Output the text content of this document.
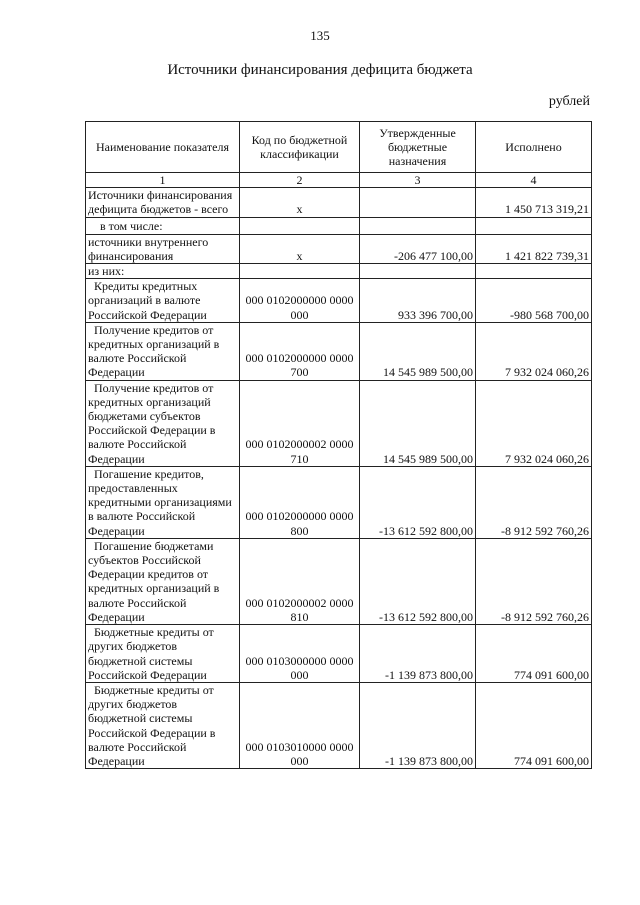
135
Источники финансирования дефицита бюджета
рублей
Наименование показателя	Код по бюджетной классификации	Утвержденные бюджетные назначения	Исполнено
1	2	3	4
Источники финансирования дефицита бюджетов - всего	x		1 450 713 319,21
в том числе:			
источники внутреннего финансирования	x	-206 477 100,00	1 421 822 739,31
из них:			
Кредиты кредитных организаций в валюте Российской Федерации	000 0102000000 0000 000	933 396 700,00	-980 568 700,00
Получение кредитов от кредитных организаций в валюте Российской Федерации	000 0102000000 0000 700	14 545 989 500,00	7 932 024 060,26
Получение кредитов от кредитных организаций бюджетами субъектов Российской Федерации в валюте Российской Федерации	000 0102000002 0000 710	14 545 989 500,00	7 932 024 060,26
Погашение кредитов, предоставленных кредитными организациями в валюте Российской Федерации	000 0102000000 0000 800	-13 612 592 800,00	-8 912 592 760,26
Погашение бюджетами субъектов Российской Федерации кредитов от кредитных организаций в валюте Российской Федерации	000 0102000002 0000 810	-13 612 592 800,00	-8 912 592 760,26
Бюджетные кредиты от других бюджетов бюджетной системы Российской Федерации	000 0103000000 0000 000	-1 139 873 800,00	774 091 600,00
Бюджетные кредиты от других бюджетов бюджетной системы Российской Федерации в валюте Российской Федерации	000 0103010000 0000 000	-1 139 873 800,00	774 091 600,00
